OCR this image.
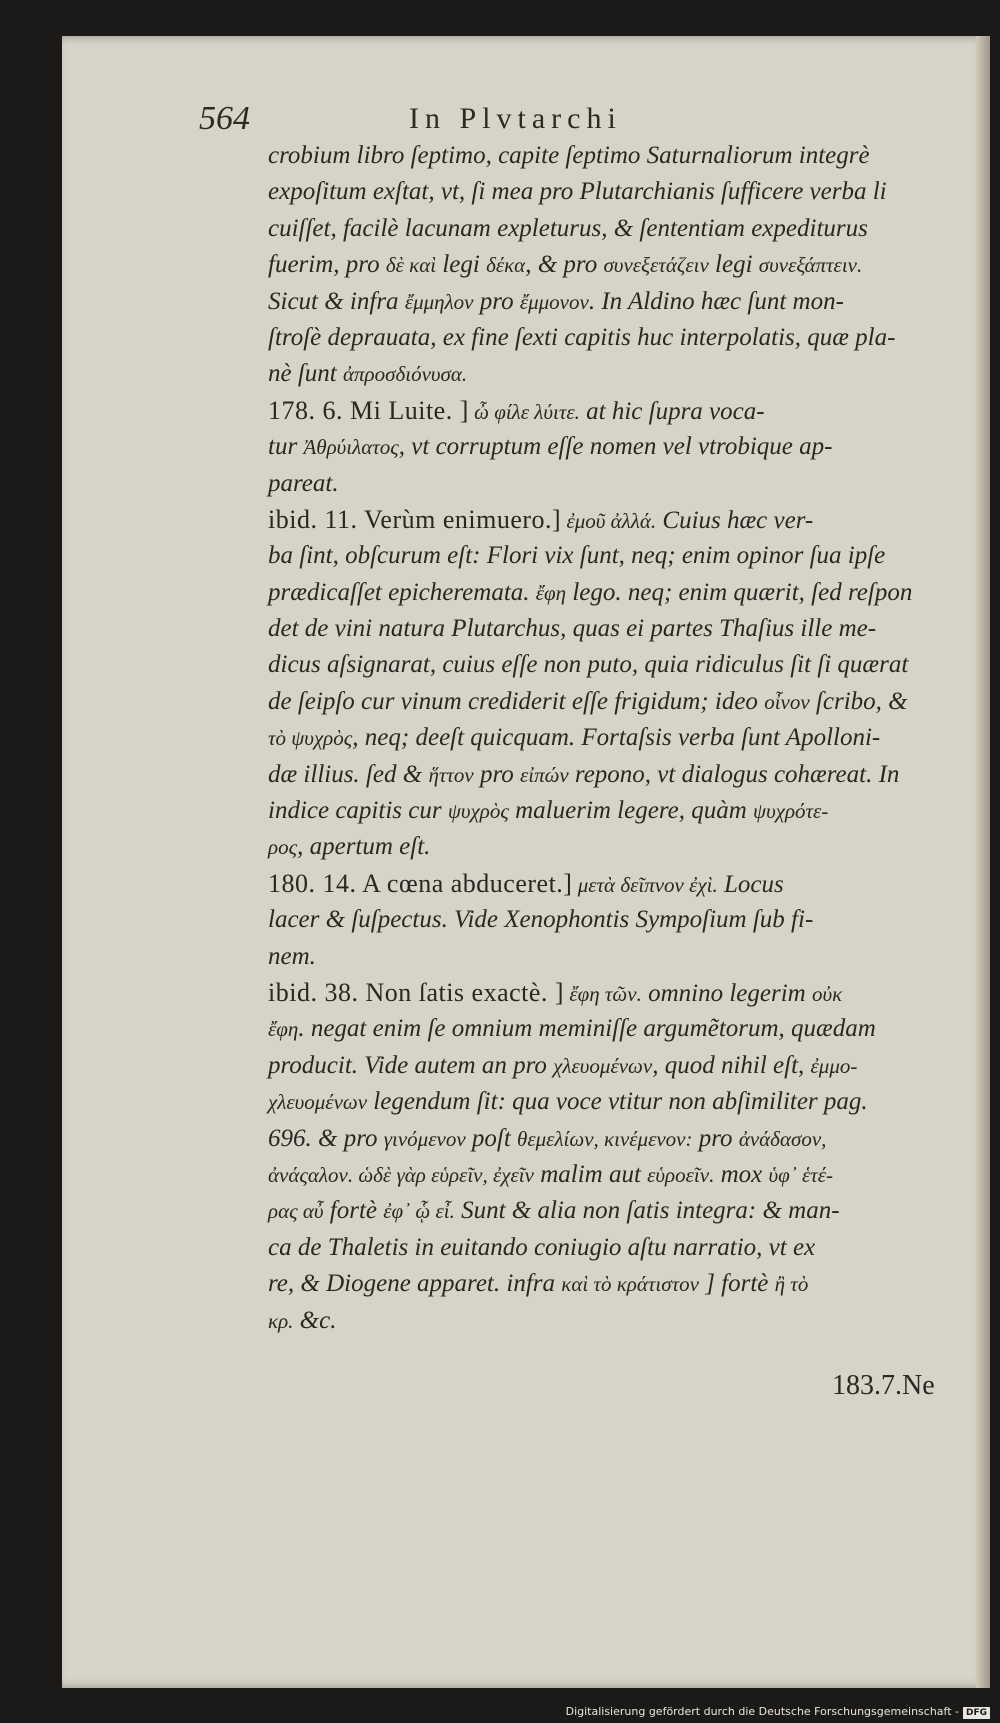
564	In Plvtarchi
crobium libro ſeptimo, capite ſeptimo Saturnaliorum integrè
expoſitum exſtat, vt, ſi mea pro Plutarchianis ſufficere verba li
cuiſſet, facilè lacunam expleturus, & ſententiam expediturus
fuerim, pro δὲ καὶ legi δέκα, & pro συνεξετάζειν legi συνεξάπτειν.
Sicut & infra ἔμμηλον pro ἔμμονον. In Aldino hæc ſunt mon-
ſtroſè deprauata, ex fine ſexti capitis huc interpolatis, quæ pla-
nè ſunt ἀπροσδιόνυσα.
178. 6. Mi Luite. ] ὦ φίλε λύιτε. at hic ſupra voca-
tur Ἀθρύιλατος, vt corruptum eſſe nomen vel vtrobique ap-
pareat.
ibid. 11. Verùm enimuero.] ἐμοῦ ἀλλά. Cuius hæc ver-
ba ſint, obſcurum eſt: Flori vix ſunt, neq; enim opinor ſua ipſe
prædicaſſet epicheremata. ἔφη lego. neq; enim quærit, ſed reſpon
det de vini natura Plutarchus, quas ei partes Thaſius ille me-
dicus aſsignarat, cuius eſſe non puto, quia ridiculus ſit ſi quærat
de ſeipſo cur vinum crediderit eſſe frigidum; ideo οἶνον ſcribo, &
τὸ ψυχρὸς, neq; deeſt quicquam. Fortaſsis verba ſunt Apolloni-
dæ illius. ſed & ἥττον pro εἰπών repono, vt dialogus cohæreat. In
indice capitis cur ψυχρὸς maluerim legere, quàm ψυχρότε-
ρος, apertum eſt.
180. 14. A cœna abduceret.] μετὰ δεῖπνον ἐχὶ. Locus
lacer & ſuſpectus. Vide Xenophontis Sympoſium ſub fi-
nem.
ibid. 38. Non ſatis exactè. ] ἔφη τῶν. omnino legerim οὐκ
ἔφη. negat enim ſe omnium meminiſſe argumẽtorum, quædam
producit. Vide autem an pro χλευομένων, quod nihil eſt, ἐμμο-
χλευομένων legendum ſit: qua voce vtitur non abſimiliter pag.
696. & pro γινόμενον poſt θεμελίων, κινέμενον: pro ἀνάδασον,
ἀνάςαλον. ὡδὲ γὰρ εὑρεῖν, ἐχεῖν malim aut εὑροεῖν. mox ὑφ᾽ ἑτέ-
ρας αὖ fortè ἐφ᾽ ᾧ εἶ. Sunt & alia non ſatis integra: & man-
ca de Thaletis in euitando coniugio aſtu narratio, vt ex
re, & Diogene apparet. infra καὶ τὸ κράτιστον ] fortè ἢ τὸ
κρ. &c.
183.7.Ne
Digitalisierung gefördert durch die Deutsche Forschungsgemeinschaft - DFG
